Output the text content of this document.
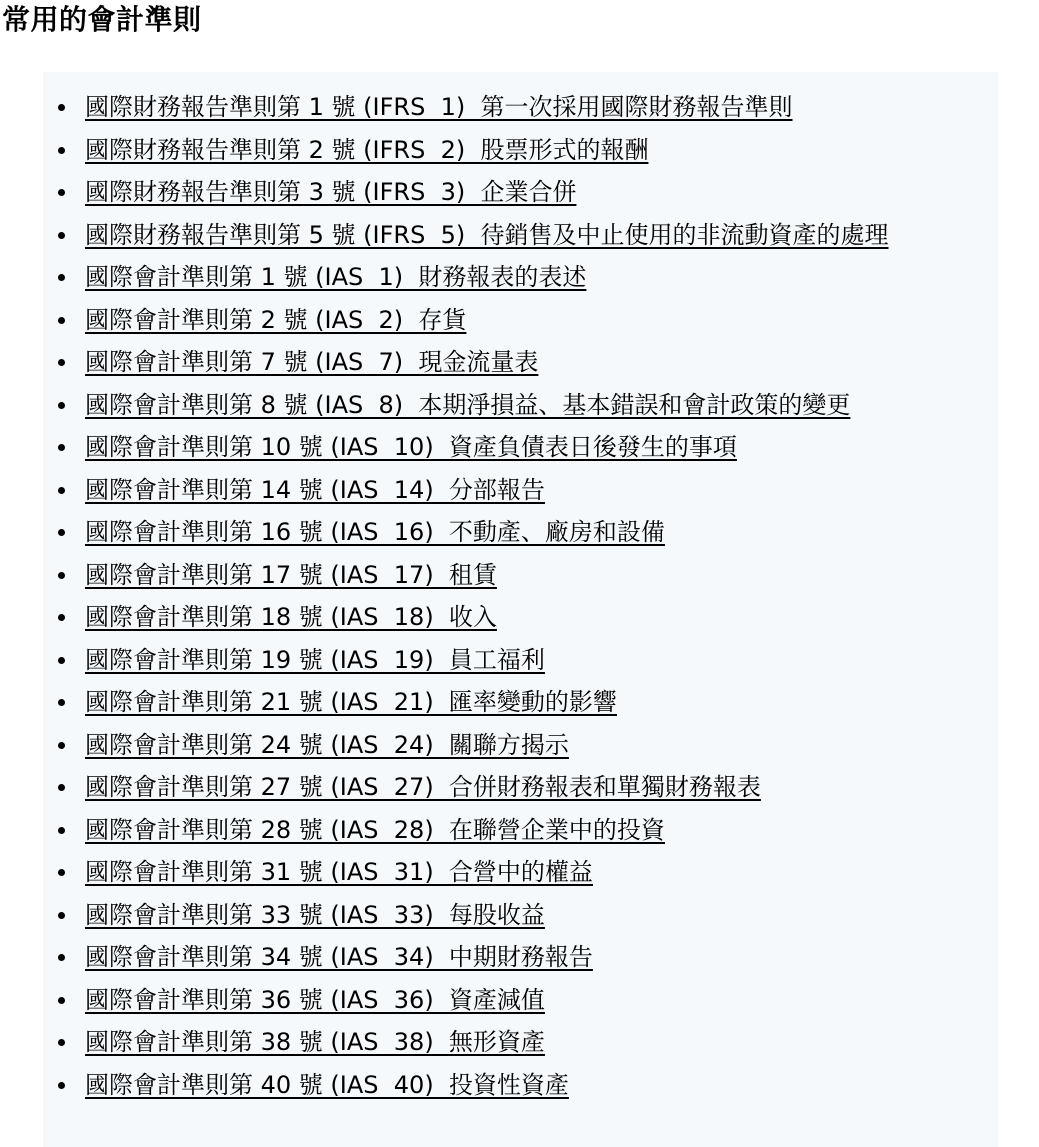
常用的會計準則
國際財務報告準則第 1 號 (IFRS  1)  第一次採用國際財務報告準則
國際財務報告準則第 2 號 (IFRS  2)  股票形式的報酬
國際財務報告準則第 3 號 (IFRS  3)  企業合併
國際財務報告準則第 5 號 (IFRS  5)  待銷售及中止使用的非流動資產的處理
國際會計準則第 1 號 (IAS  1)  財務報表的表述
國際會計準則第 2 號 (IAS  2)  存貨
國際會計準則第 7 號 (IAS  7)  現金流量表
國際會計準則第 8 號 (IAS  8)  本期淨損益、基本錯誤和會計政策的變更
國際會計準則第 10 號 (IAS  10)  資產負債表日後發生的事項
國際會計準則第 14 號 (IAS  14)  分部報告
國際會計準則第 16 號 (IAS  16)  不動產、廠房和設備
國際會計準則第 17 號 (IAS  17)  租賃
國際會計準則第 18 號 (IAS  18)  收入
國際會計準則第 19 號 (IAS  19)  員工福利
國際會計準則第 21 號 (IAS  21)  匯率變動的影響
國際會計準則第 24 號 (IAS  24)  關聯方揭示
國際會計準則第 27 號 (IAS  27)  合併財務報表和單獨財務報表
國際會計準則第 28 號 (IAS  28)  在聯營企業中的投資
國際會計準則第 31 號 (IAS  31)  合營中的權益
國際會計準則第 33 號 (IAS  33)  每股收益
國際會計準則第 34 號 (IAS  34)  中期財務報告
國際會計準則第 36 號 (IAS  36)  資產減值
國際會計準則第 38 號 (IAS  38)  無形資產
國際會計準則第 40 號 (IAS  40)  投資性資產
